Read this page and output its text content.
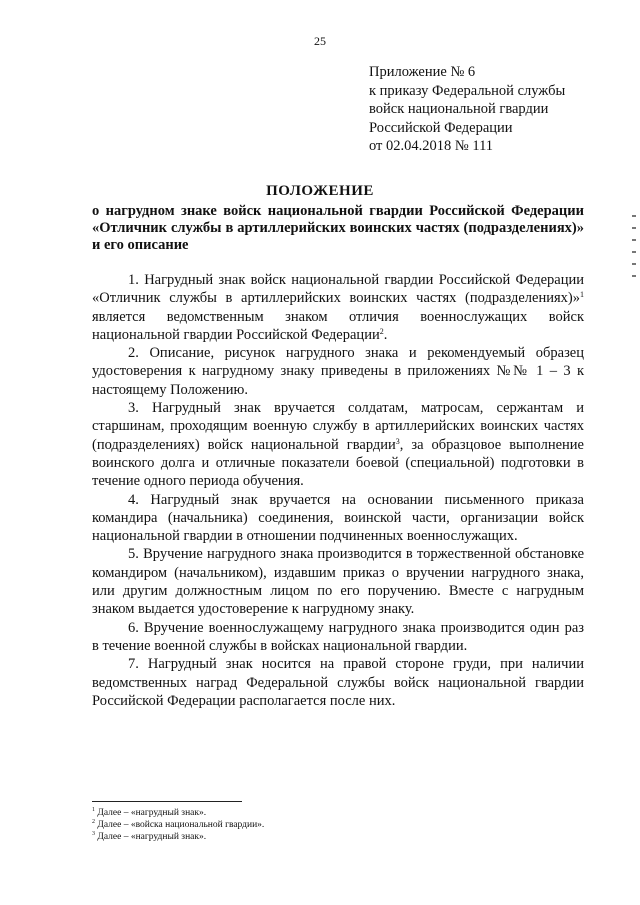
25
Приложение № 6
к приказу Федеральной службы
войск национальной гвардии
Российской Федерации
от 02.04.2018 № 111
ПОЛОЖЕНИЕ
о нагрудном знаке войск национальной гвардии Российской Федерации «Отличник службы в артиллерийских воинских частях (подразделениях)» и его описание

1. Нагрудный знак войск национальной гвардии Российской Федерации «Отличник службы в артиллерийских воинских частях (подразделениях)»$^1$ является ведомственным знаком отличия военнослужащих войск национальной гвардии Российской Федерации$^2$.

2. Описание, рисунок нагрудного знака и рекомендуемый образец удостоверения к нагрудному знаку приведены в приложениях №№ 1 – 3 к настоящему Положению.

3. Нагрудный знак вручается солдатам, матросам, сержантам и старшинам, проходящим военную службу в артиллерийских воинских частях (подразделениях) войск национальной гвардии$^3$, за образцовое выполнение воинского долга и отличные показатели боевой (специальной) подготовки в течение одного периода обучения.

4. Нагрудный знак вручается на основании письменного приказа командира (начальника) соединения, воинской части, организации войск национальной гвардии в отношении подчиненных военнослужащих.

5. Вручение нагрудного знака производится в торжественной обстановке командиром (начальником), издавшим приказ о вручении нагрудного знака, или другим должностным лицом по его поручению. Вместе с нагрудным знаком выдается удостоверение к нагрудному знаку.

6. Вручение военнослужащему нагрудного знака производится один раз в течение военной службы в войсках национальной гвардии.

7. Нагрудный знак носится на правой стороне груди, при наличии ведомственных наград Федеральной службы войск национальной гвардии Российской Федерации располагается после них.

$^1$ Далее – «нагрудный знак».
$^2$ Далее – «войска национальной гвардии».
$^3$ Далее – «нагрудный знак».
